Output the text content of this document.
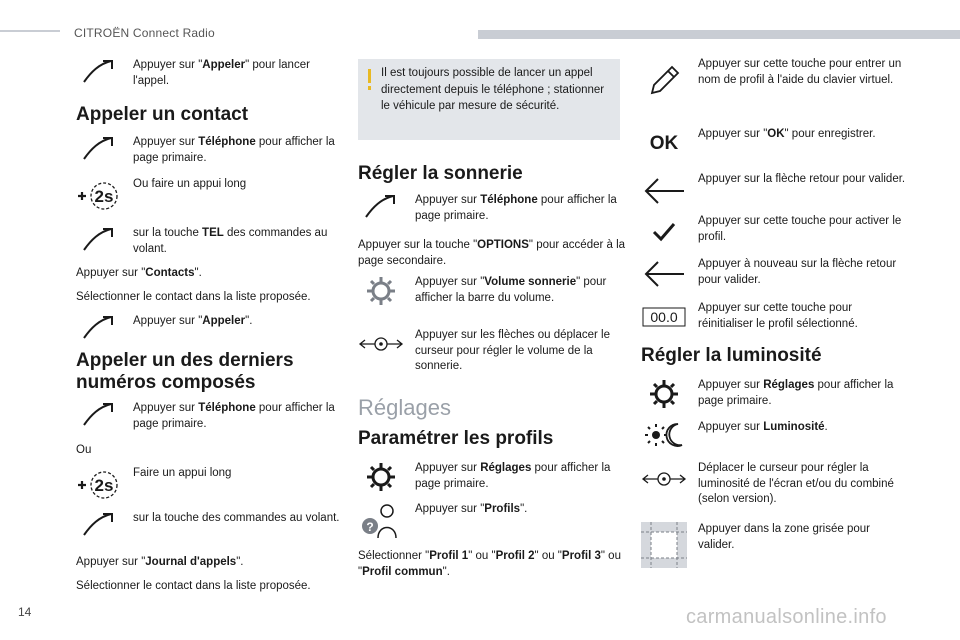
CITROËN Connect Radio
Appuyer sur "Appeler" pour lancer l'appel.
Appeler un contact
Appuyer sur Téléphone pour afficher la page primaire.
2s
Ou faire un appui long
sur la touche TEL des commandes au volant.
Appuyer sur "Contacts".
Sélectionner le contact dans la liste proposée.
Appuyer sur "Appeler".
Appeler un des derniers numéros composés
Appuyer sur Téléphone pour afficher la page primaire.
Ou
2s
Faire un appui long
sur la touche des commandes au volant.
Appuyer sur "Journal d'appels".
Sélectionner le contact dans la liste proposée.
Il est toujours possible de lancer un appel directement depuis le téléphone ; stationner le véhicule par mesure de sécurité.
Régler la sonnerie
Appuyer sur Téléphone pour afficher la page primaire.
Appuyer sur la touche "OPTIONS" pour accéder à la page secondaire.
Appuyer sur "Volume sonnerie" pour afficher la barre du volume.
Appuyer sur les flèches ou déplacer le curseur pour régler le volume de la sonnerie.
Réglages
Paramétrer les profils
Appuyer sur Réglages pour afficher la page primaire.
?
Appuyer sur "Profils".
Sélectionner "Profil 1" ou "Profil 2" ou "Profil 3" ou "Profil commun".
Appuyer sur cette touche pour entrer un nom de profil à l'aide du clavier virtuel.
OK Appuyer sur "OK" pour enregistrer.
Appuyer sur la flèche retour pour valider.
Appuyer sur cette touche pour activer le profil.
Appuyer à nouveau sur la flèche retour pour valider.
00.0
Appuyer sur cette touche pour réinitialiser le profil sélectionné.
Régler la luminosité
Appuyer sur Réglages pour afficher la page primaire.
Appuyer sur Luminosité.
Déplacer le curseur pour régler la luminosité de l'écran et/ou du combiné (selon version).
Appuyer dans la zone grisée pour valider.
14	carmanualsonline.info
